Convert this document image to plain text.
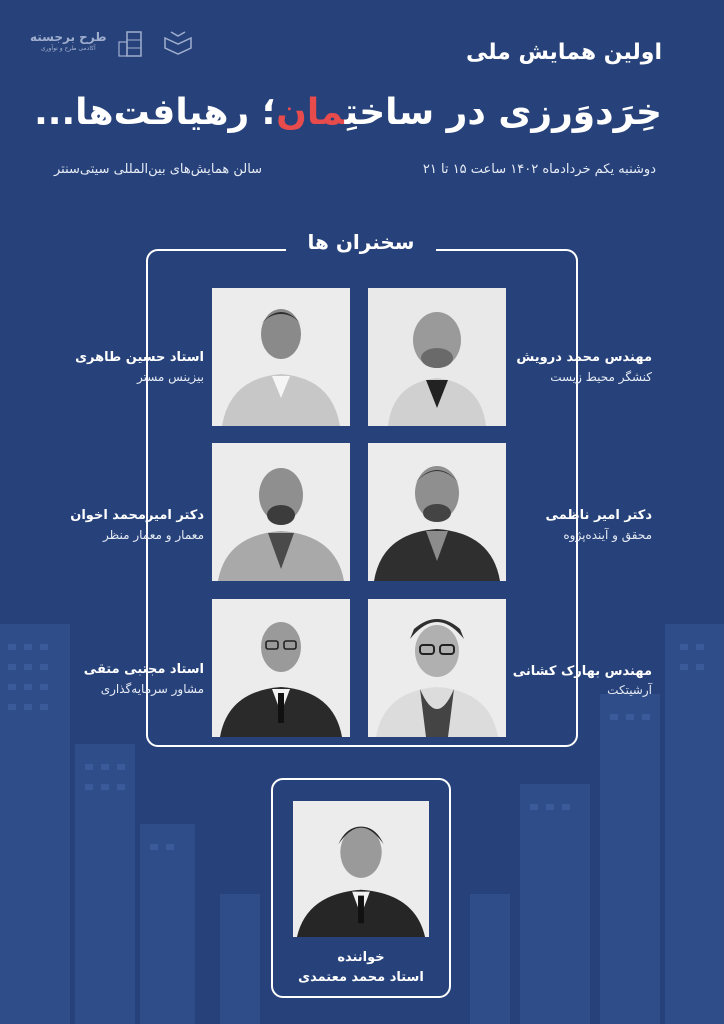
طرح برجسته
آکادمی طرح و نوآوری	اولین همایش ملی
خِرَدوَرزی در ساختِمان؛ رهیافت‌ها...
دوشنبه یکم خرداد‌ماه ۱۴۰۲ ساعت ۱۵ تا ۲۱
سالن همایش‌های بین‌المللی سیتی‌سنتر
سخنران ها
مهندس محمد درویش
کنشگر محیط زیست
استاد حسین طاهری
بیزینس مستر
دکتر امیر ناظمی
محقق و آینده‌پژوه
دکتر امیرمحمد اخوان
معمار و معمار منظر
مهندس بهارک کشانی
آرشیتکت
استاد مجتبی متقی
مشاور سرمایه‌گذاری
خواننده
استاد محمد معتمدی
